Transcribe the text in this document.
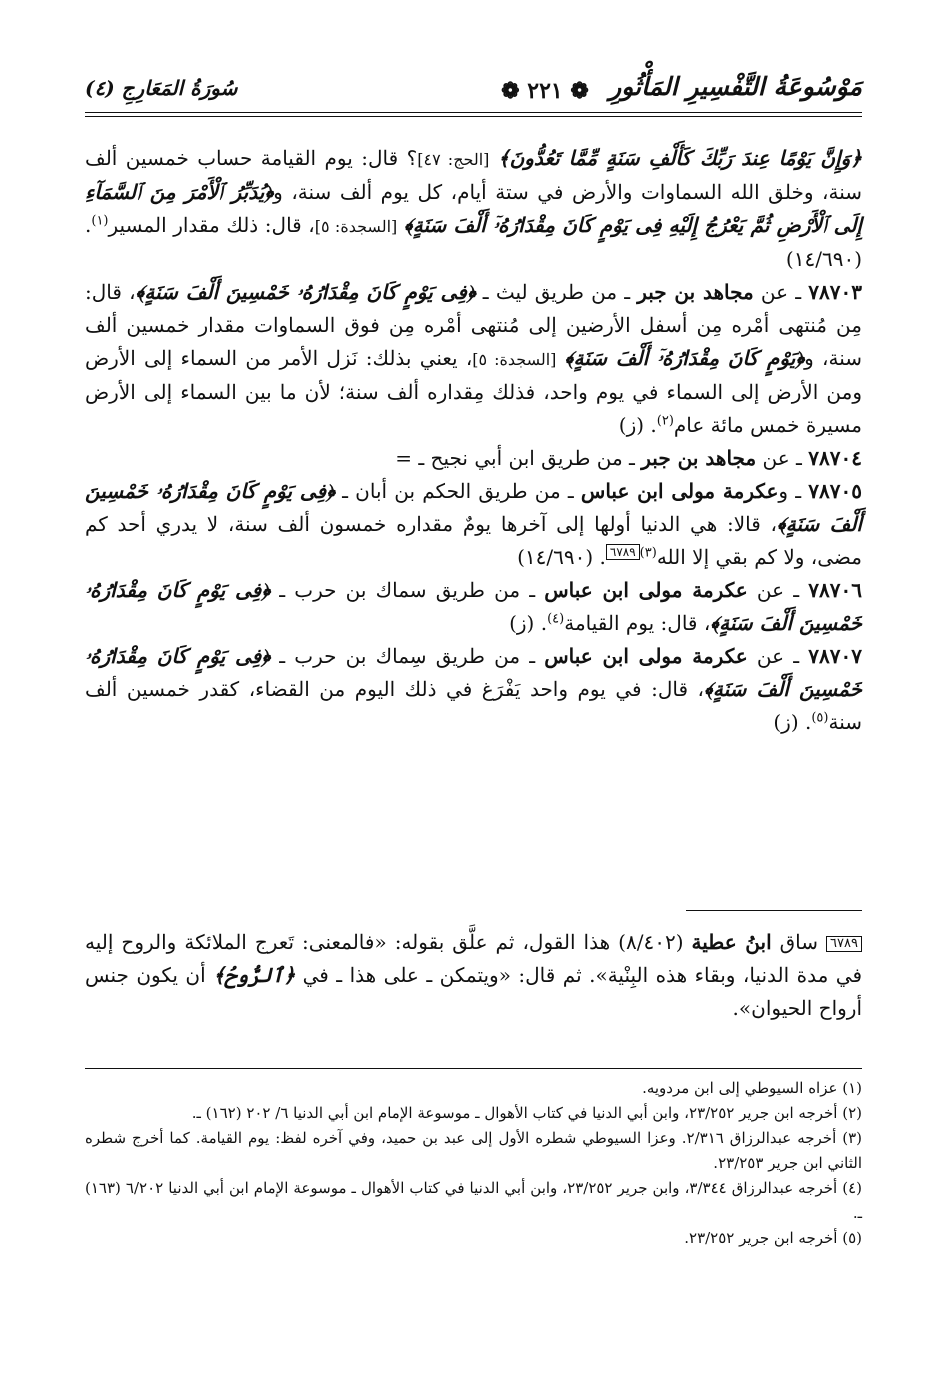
مَوْسُوعَةُ التَّفْسِيرِ المَأْثُورِ
❁ ٢٢١ ❁
سُورَةُ المَعَارِجِ (٤)

﴿وَإِنَّ يَوْمًا عِندَ رَبِّكَ كَأَلْفِ سَنَةٍ مِّمَّا تَعُدُّونَ﴾ [الحج: ٤٧]؟ قال: يوم القيامة حساب خمسين ألف سنة، وخلق الله السماوات والأرض في ستة أيام، كل يوم ألف سنة، و﴿يُدَبِّرُ ٱلْأَمْرَ مِنَ ٱلسَّمَآءِ إِلَى ٱلْأَرْضِ ثُمَّ يَعْرُجُ إِلَيْهِ فِى يَوْمٍ كَانَ مِقْدَارُهُۥٓ أَلْفَ سَنَةٍ﴾ [السجدة: ٥]، قال: ذلك مقدار المسير$^{(١)}$. (١٤/٦٩٠)

٧٨٧٠٣ ـ عن مجاهد بن جبر ـ من طريق ليث ـ ﴿فِى يَوْمٍ كَانَ مِقْدَارُهُۥ خَمْسِينَ أَلْفَ سَنَةٍ﴾، قال: مِن مُنتهى أمْره مِن أسفل الأرضين إلى مُنتهى أمْره مِن فوق السماوات مقدار خمسين ألف سنة، و﴿يَوْمٍ كَانَ مِقْدَارُهُۥٓ أَلْفَ سَنَةٍ﴾ [السجدة: ٥]، يعني بذلك: نَزل الأمر من السماء إلى الأرض ومن الأرض إلى السماء في يوم واحد، فذلك مِقداره ألف سنة؛ لأن ما بين السماء إلى الأرض مسيرة خمس مائة عام$^{(٢)}$. (ز)

٧٨٧٠٤ ـ عن مجاهد بن جبر ـ من طريق ابن أبي نجيح ـ =

٧٨٧٠٥ ـ وعكرمة مولى ابن عباس ـ من طريق الحكم بن أبان ـ ﴿فِى يَوْمٍ كَانَ مِقْدَارُهُۥ خَمْسِينَ أَلْفَ سَنَةٍ﴾، قالا: هي الدنيا أولها إلى آخرها يومٌ مقداره خمسون ألف سنة، لا يدري أحد كم مضى، ولا كم بقي إلا الله$^{(٣)}$٦٧٨٩. (١٤/٦٩٠)

٧٨٧٠٦ ـ عن عكرمة مولى ابن عباس ـ من طريق سماك بن حرب ـ ﴿فِى يَوْمٍ كَانَ مِقْدَارُهُۥ خَمْسِينَ أَلْفَ سَنَةٍ﴾، قال: يوم القيامة$^{(٤)}$. (ز)

٧٨٧٠٧ ـ عن عكرمة مولى ابن عباس ـ من طريق سِماك بن حرب ـ ﴿فِى يَوْمٍ كَانَ مِقْدَارُهُۥ خَمْسِينَ أَلْفَ سَنَةٍ﴾، قال: في يوم واحد يَفْرَغ في ذلك اليوم من القضاء، كقدر خمسين ألف سنة$^{(٥)}$. (ز)

٦٧٨٩ ساق ابنُ عطية (٨/٤٠٢) هذا القول، ثم علَّق بقوله: «فالمعنى: تَعرج الملائكة والروح إليه في مدة الدنيا، وبقاء هذه البِنْية». ثم قال: «ويتمكن ـ على هذا ـ في ﴿ٱلرُّوحُ﴾ أن يكون جنس أرواح الحيوان».

(١) عزاه السيوطي إلى ابن مردويه.

(٢) أخرجه ابن جرير ٢٣/٢٥٢، وابن أبي الدنيا في كتاب الأهوال ـ موسوعة الإمام ابن أبي الدنيا ٦/ ٢٠٢ (١٦٢) ـ.

(٣) أخرجه عبدالرزاق ٢/٣١٦. وعزا السيوطي شطره الأول إلى عبد بن حميد، وفي آخره لفظ: يوم القيامة. كما أخرج شطره الثاني ابن جرير ٢٣/٢٥٣.

(٤) أخرجه عبدالرزاق ٣/٣٤٤، وابن جرير ٢٣/٢٥٢، وابن أبي الدنيا في كتاب الأهوال ـ موسوعة الإمام ابن أبي الدنيا ٦/٢٠٢ (١٦٣) ـ.

(٥) أخرجه ابن جرير ٢٣/٢٥٢.
